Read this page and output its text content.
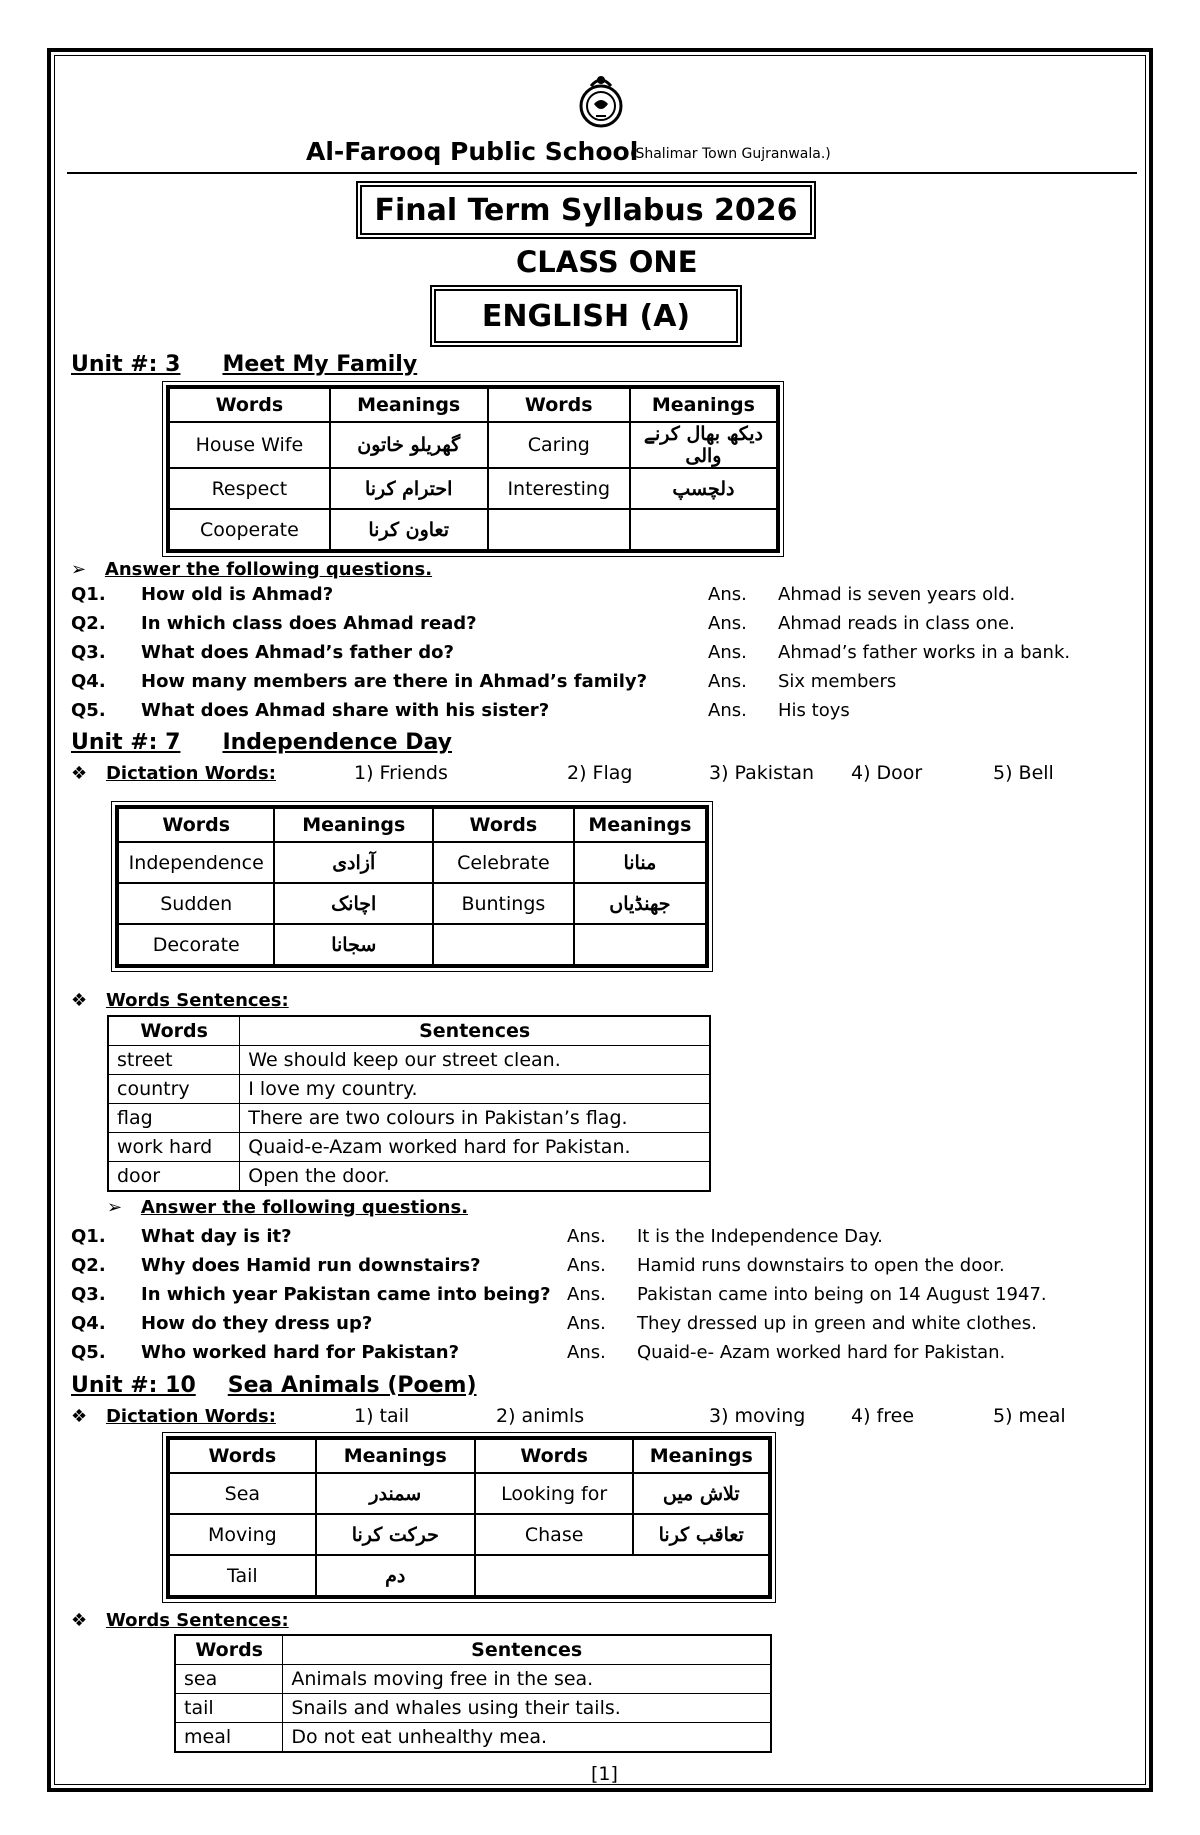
Al-Farooq Public School
(Shalimar Town Gujranwala.)
Final Term Syllabus 2026
CLASS ONE
ENGLISH (A)
Unit #: 3 Meet My Family
Words	Meanings	Words	Meanings
House Wife	گھریلو خاتون	Caring	دیکھ بھال کرنے والی
Respect	احترام کرنا	Interesting	دلچسپ
Cooperate	تعاون کرنا		
➢ Answer the following questions.
Q1. How old is Ahmad?	Ans. Ahmad is seven years old.
Q2. In which class does Ahmad read?	Ans. Ahmad reads in class one.
Q3. What does Ahmad’s father do?	Ans. Ahmad’s father works in a bank.
Q4. How many members are there in Ahmad’s family?	Ans. Six members
Q5. What does Ahmad share with his sister?	Ans. His toys
Unit #: 7 Independence Day
❖ Dictation Words:	1) Friends	2) Flag	3) Pakistan 4) Door	5) Bell
Words	Meanings	Words	Meanings
Independence	آزادی	Celebrate	منانا
Sudden	اچانک	Buntings	جھنڈیاں
Decorate	سجانا		
❖ Words Sentences:
Words	Sentences
street	We should keep our street clean.
country	I love my country.
flag	There are two colours in Pakistan’s flag.
work hard	Quaid-e-Azam worked hard for Pakistan.
door	Open the door.
➢ Answer the following questions.
Q1. What day is it?	Ans. It is the Independence Day.
Q2. Why does Hamid run downstairs?	Ans. Hamid runs downstairs to open the door.
Q3. In which year Pakistan came into being? Ans. Pakistan came into being on 14 August 1947.
Q4. How do they dress up?	Ans. They dressed up in green and white clothes.
Q5. Who worked hard for Pakistan?	Ans. Quaid-e- Azam worked hard for Pakistan.
Unit #: 10 Sea Animals (Poem)
❖ Dictation Words:	1) tail	2) animls	3) moving 4) free	5) meal
Words	Meanings	Words	Meanings
Sea	سمندر	Looking for	تلاش میں
Moving	حرکت کرنا	Chase	تعاقب کرنا
Tail	دم		
❖ Words Sentences:
Words	Sentences
sea	Animals moving free in the sea.
tail	Snails and whales using their tails.
meal	Do not eat unhealthy mea.
[1]
